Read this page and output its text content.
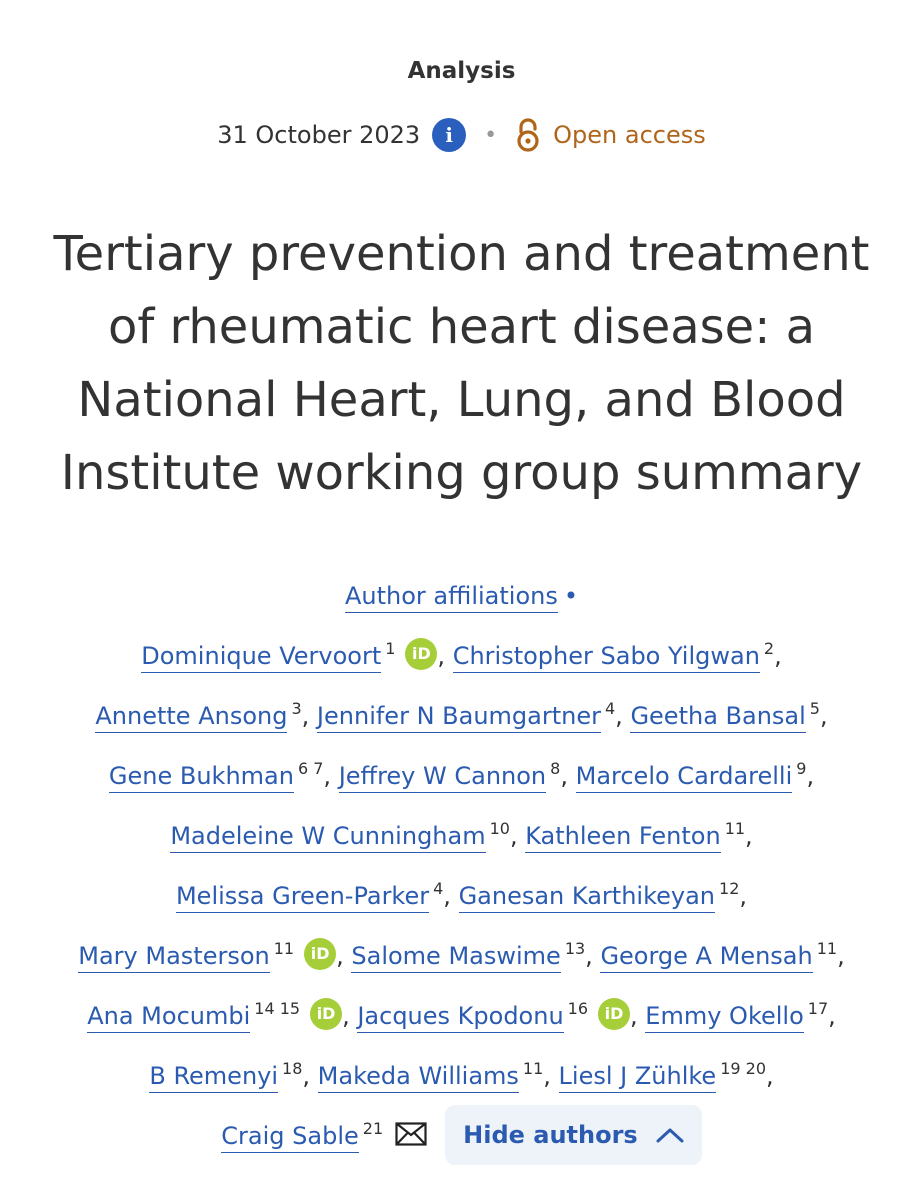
Analysis
31 October 2023	i	• Open access
Tertiary prevention and treatment of rheumatic heart disease: a National Heart, Lung, and Blood Institute working group summary
Author affiliations •
Dominique Vervoort $^1$ iD , Christopher Sabo Yilgwan $^2$,
Annette Ansong $^3$, Jennifer N Baumgartner $^4$, Geetha Bansal $^5$,
Gene Bukhman $^{6 7}$, Jeffrey W Cannon $^8$, Marcelo Cardarelli $^9$,
Madeleine W Cunningham $^{10}$, Kathleen Fenton $^{11}$,
Melissa Green-Parker $^4$, Ganesan Karthikeyan $^{12}$,
Mary Masterson $^{11}$ iD , Salome Maswime $^{13}$, George A Mensah $^{11}$,
Ana Mocumbi $^{14 15}$ iD , Jacques Kpodonu $^{16}$ iD , Emmy Okello $^{17}$,
B Remenyi $^{18}$, Makeda Williams $^{11}$, Liesl J Zühlke $^{19 20}$,
Craig Sable $^{21}$	Hide authors
